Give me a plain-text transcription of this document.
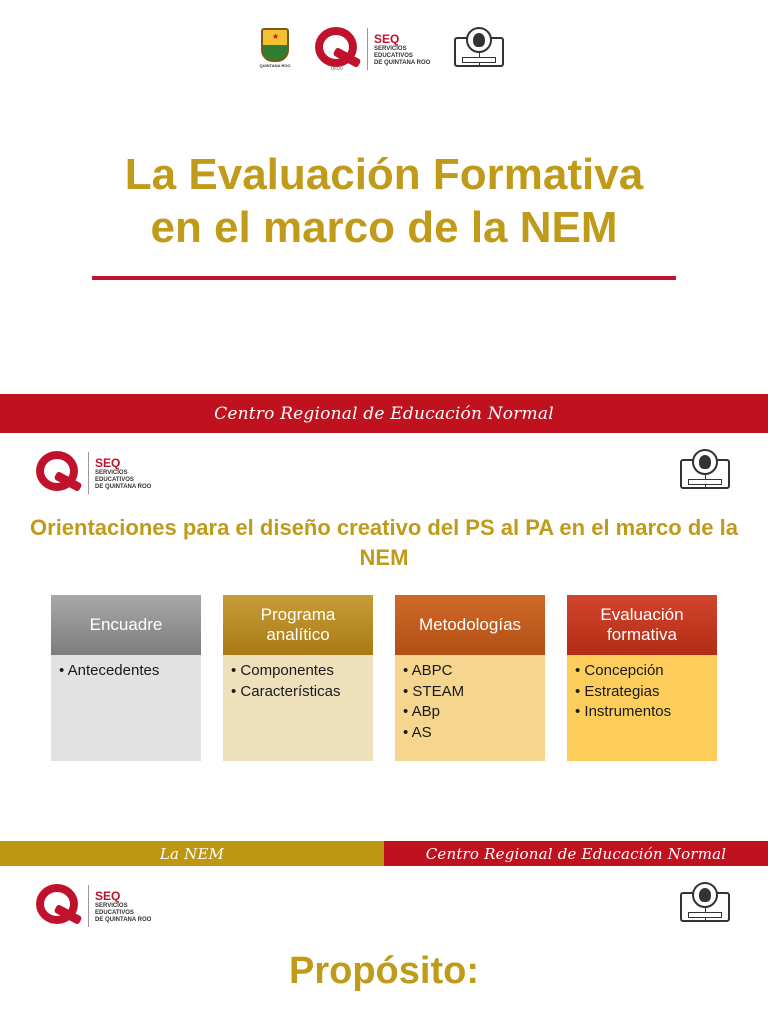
★
QUINTANA ROO
QROO
SEQ
SERVICIOS
EDUCATIVOS
DE QUINTANA ROO
La Evaluación Formativa
en el marco de la NEM
Centro Regional de Educación Normal
SEQ
SERVICIOS
EDUCATIVOS
DE QUINTANA ROO
Orientaciones para el diseño creativo del PS al PA en el marco de la NEM
Encuadre
• Antecedentes
Programa analítico
• Componentes
• Características
Metodologías
• ABPC
• STEAM
• ABp
• AS
Evaluación formativa
• Concepción
• Estrategias
• Instrumentos
La NEM	Centro Regional de Educación Normal
SEQ
SERVICIOS
EDUCATIVOS
DE QUINTANA ROO
Propósito:
